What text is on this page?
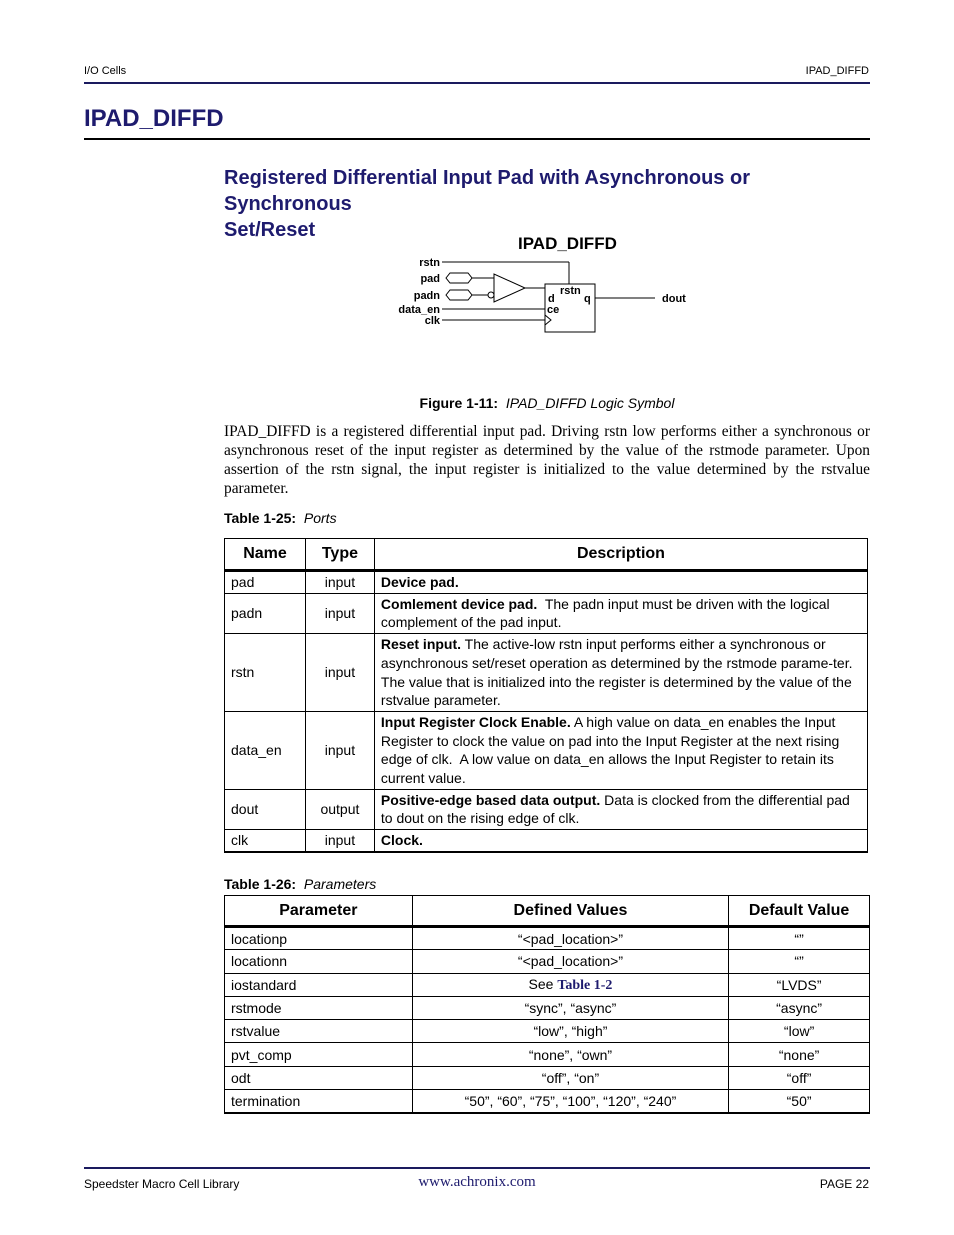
I/O Cells	IPAD_DIFFD
IPAD_DIFFD
Registered Differential Input Pad with Asynchronous or Synchronous
Set/Reset
IPAD_DIFFD
rstn
pad
padn
data_en
clk
d
rstn
q
ce
dout
Figure 1-11: IPAD_DIFFD Logic Symbol
IPAD_DIFFD is a registered differential input pad. Driving rstn low performs either a synchronous or asynchronous reset of the input register as determined by the value of the rstmode parameter. Upon assertion of the rstn signal, the input register is initialized to the value determined by the rstvalue parameter.
Table 1-25: Ports
Name	Type	Description
pad	input	Device pad.
padn	input	Comlement device pad.  The padn input must be driven with the logical complement of the pad input.
rstn	input	Reset input. The active-low rstn input performs either a synchronous or asynchronous set/reset operation as determined by the rstmode parame-ter. The value that is initialized into the register is determined by the value of the rstvalue parameter.
data_en	input	Input Register Clock Enable. A high value on data_en enables the Input Register to clock the value on pad into the Input Register at the next rising edge of clk.  A low value on data_en allows the Input Register to retain its current value.
dout	output	Positive-edge based data output. Data is clocked from the differential pad to dout on the rising edge of clk.
clk	input	Clock.
Table 1-26: Parameters
Parameter	Defined Values	Default Value
locationp	“<pad_location>”	“”
locationn	“<pad_location>”	“”
iostandard	See Table 1-2	“LVDS”
rstmode	“sync”, “async”	“async”
rstvalue	“low”, “high”	“low”
pvt_comp	“none”, “own”	“none”
odt	“off”, “on”	“off”
termination	“50”, “60”, “75”, “100”, “120”, “240”	“50”
Speedster Macro Cell Library	www.achronix.com	PAGE 22
